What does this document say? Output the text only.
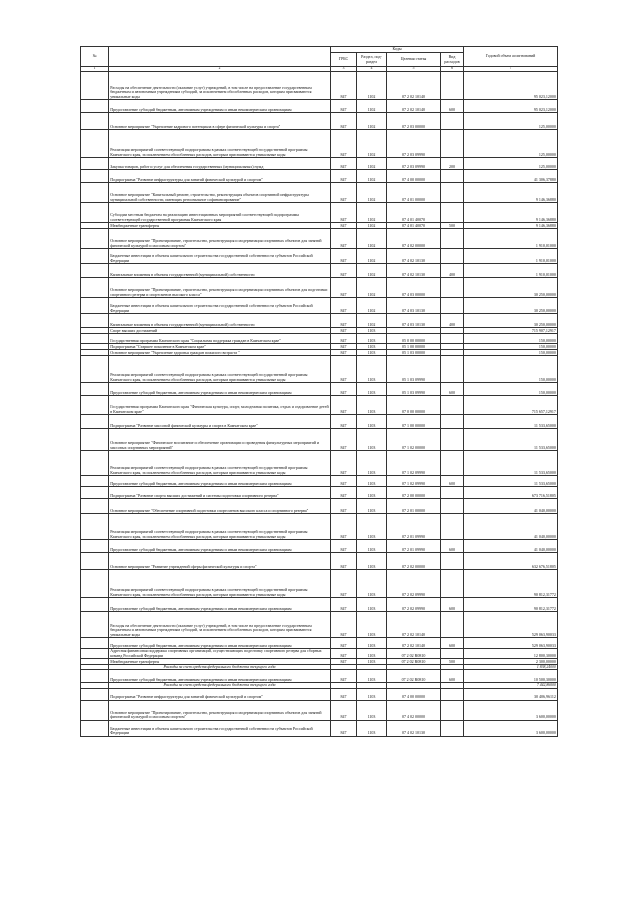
№		Коды				Годовой объем ассигнований
		ГРБС	Раздел, под-раздел	Целевая статья	Вид расходов	
1	2	3	4	5	6	7
	Расходы на обеспечение деятельности (оказание услуг) учреждений, в том числе на предоставление государственным бюджетным и автономным учреждениям субсидий, за исключением обособленных расходов, которым присваиваются уникальные коды	847	1102	07 2 02 10140		95 023,12000
	Предоставление субсидий бюджетным, автономным учреждениям и иным некоммерческим организациям	847	1102	07 2 02 10140	600	95 023,12000
	Основное мероприятие "Укрепление кадрового потенциала в сфере физической культуры и спорта"	847	1102	07 2 03 00000		125,00000
	Реализация мероприятий соответствующей подпрограммы в рамках соответствующей государственной программы Камчатского края, за исключением обособленных расходов, которым присваиваются уникальные коды	847	1102	07 2 03 09990		125,00000
	Закупка товаров, работ и услуг для обеспечения государственных (муниципальных) нужд	847	1102	07 2 03 09990	200	125,00000
	Подпрограмма "Развитие инфраструктуры для занятий физической культурой и спортом"	847	1102	07 4 00 00000		41 306,37880
	Основное мероприятие "Капитальный ремонт, строительство, реконструкция объектов спортивной инфраструктуры муниципальной собственности, имеющих региональное софинансирование"	847	1102	07 4 01 00000		9 146,36880
	Субсидии местным бюджетам на реализацию инвестиционных мероприятий соответствующей подпрограммы соответствующей государственной программы Камчатского края	847	1102	07 4 01 40070		9 146,36880
	Межбюджетные трансферты	847	1102	07 4 01 40070	500	9 146,36880
	Основное мероприятие "Проектирование, строительство, реконструкция и модернизация спортивных объектов для занятий физической культурой и массовым спортом"	847	1102	07 4 02 00000		1 910,01000
	Бюджетные инвестиции в объекты капитального строительства государственной собственности субъектов Российской Федерации	847	1102	07 4 02 10130		1 910,01000
	Капитальные вложения в объекты государственной (муниципальной) собственности	847	1102	07 4 02 10130	400	1 910,01000
	Основное мероприятие "Проектирование, строительство, реконструкция и модернизация спортивных объектов для подготовки спортивного резерва и спортсменов высокого класса"	847	1102	07 4 03 00000		30 250,00000
	Бюджетные инвестиции в объекты капитального строительства государственной собственности субъектов Российской Федерации	847	1102	07 4 03 10130		30 250,00000
	Капитальные вложения в объекты государственной (муниципальной) собственности	847	1102	07 4 03 10130	400	30 250,00000
	Спорт высших достижений	847	1103			715 907,12917
	Государственная программа Камчатского края "Социальная поддержка граждан в Камчатском крае"	847	1103	05 0 00 00000		150,00000
	Подпрограмма "Старшее поколение в Камчатском крае"	847	1103	05 1 00 00000		150,00000
	Основное мероприятие "Укрепление здоровья граждан пожилого возраста "	847	1103	05 1 03 00000		150,00000
	Реализация мероприятий соответствующей подпрограммы в рамках соответствующей государственной программы Камчатского края, за исключением обособленных расходов, которым присваиваются уникальные коды	847	1103	05 1 03 09990		150,00000
	Предоставление субсидий бюджетным, автономным учреждениям и иным некоммерческим организациям	847	1103	05 1 03 09990	600	150,00000
	Государственная программа Камчатского края "Физическая культура, спорт, молодежная политика, отдых и оздоровление детей в Камчатском крае"	847	1103	07 0 00 00000		715 657,12917
	Подпрограмма "Развитие массовой физической культуры и спорта в Камчатском крае"	847	1103	07 1 00 00000		11 533,65000
	Основное мероприятие "Физическое воспитание и обеспечение организации и проведения физкультурных мероприятий и массовых спортивных мероприятий"	847	1103	07 1 02 00000		11 533,65000
	Реализация мероприятий соответствующей подпрограммы в рамках соответствующей государственной программы Камчатского края, за исключением обособленных расходов, которым присваиваются уникальные коды	847	1103	07 1 02 09990		11 533,65000
	Предоставление субсидий бюджетным, автономным учреждениям и иным некоммерческим организациям	847	1103	07 1 02 09990	600	11 533,65000
	Подпрограмма "Развитие спорта высших достижений и системы подготовки спортивного резерва"	847	1103	07 2 00 00000		673 716,51805
	Основное мероприятие "Обеспечение спортивной подготовки спортсменов высокого класса и спортивного резерва"	847	1103	07 2 01 00000		41 040,00000
	Реализация мероприятий соответствующей подпрограммы в рамках соответствующей государственной программы Камчатского края, за исключением обособленных расходов, которым присваиваются уникальные коды	847	1103	07 2 01 09990		41 040,00000
	Предоставление субсидий бюджетным, автономным учреждениям и иным некоммерческим организациям	847	1103	07 2 01 09990	600	41 040,00000
	Основное мероприятие "Развитие учреждений сферы физической культуры и спорта"	847	1103	07 2 02 00000		632 676,51805
	Реализация мероприятий соответствующей подпрограммы в рамках соответствующей государственной программы Камчатского края, за исключением обособленных расходов, которым присваиваются уникальные коды	847	1103	07 2 02 09990		90 812,31772
	Предоставление субсидий бюджетным, автономным учреждениям и иным некоммерческим организациям	847	1103	07 2 02 09990	600	90 812,31772
	Расходы на обеспечение деятельности (оказание услуг) учреждений, в том числе на предоставление государственным бюджетным и автономным учреждениям субсидий, за исключением обособленных расходов, которым присваиваются уникальные коды	847	1103	07 2 02 10140		529 063,90033
	Предоставление субсидий бюджетным, автономным учреждениям и иным некоммерческим организациям	847	1103	07 2 02 10140	600	529 063,90033
	Адресная финансовая поддержка спортивных организаций, осуществляющих подготовку спортивного резерва для сборных команд Российской Федерации	847	1103	07 2 02 R0810		12 800,30000
	Межбюджетные трансферты	847	1103	07 2 02 R0810	500	2 300,00000
	Расходы за счет средств федерального бюджета текущего года					1 838,24000
	Предоставление субсидий бюджетным, автономным учреждениям и иным некоммерческим организациям	847	1103	07 2 02 R0810	600	10 500,30000
	Расходы за счет средств федерального бюджета текущего года					7 442,86000
	Подпрограмма "Развитие инфраструктуры для занятий физической культурой и спортом"	847	1103	07 4 00 00000		30 406,96112
	Основное мероприятие "Проектирование, строительство, реконструкция и модернизация спортивных объектов для занятий физической культурой и массовым спортом"	847	1103	07 4 02 00000		3 600,00000
	Бюджетные инвестиции в объекты капитального строительства государственной собственности субъектов Российской Федерации	847	1103	07 4 02 10130		3 600,00000
